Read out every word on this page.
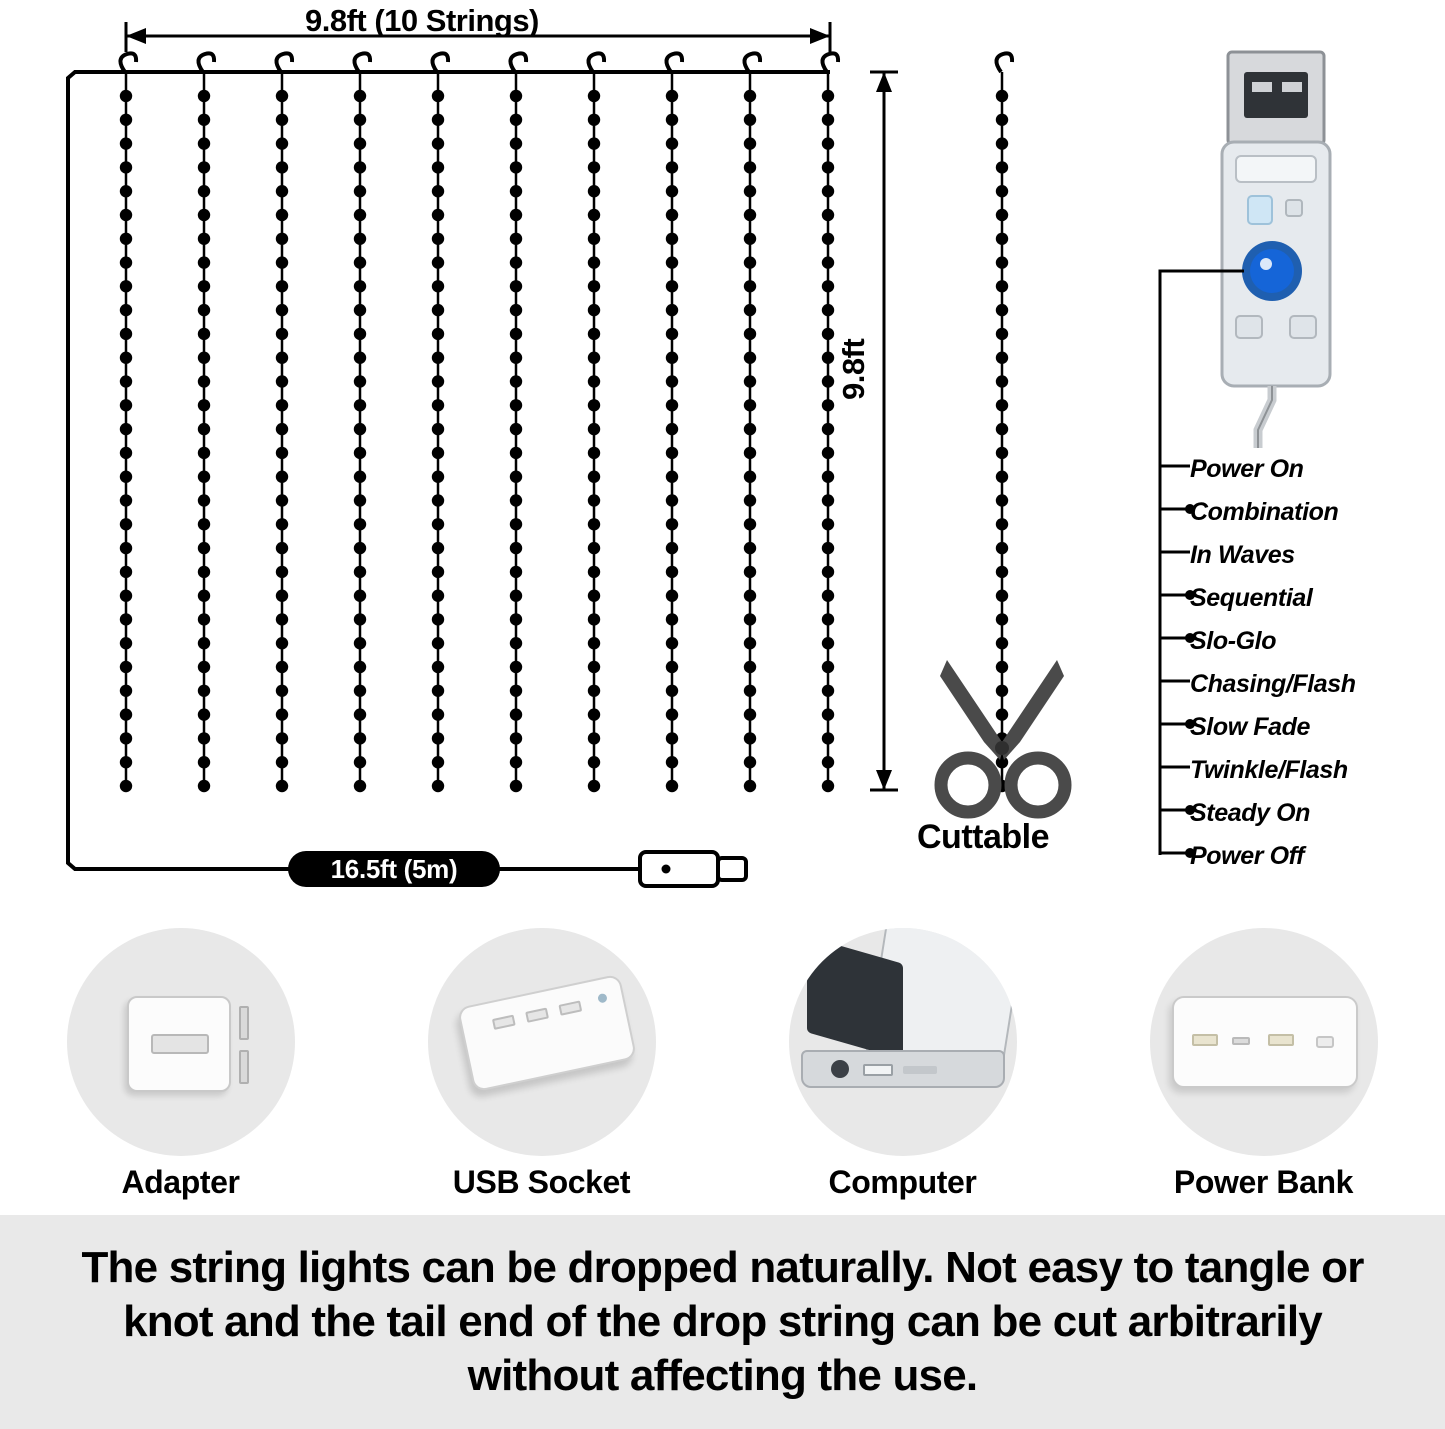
9.8ft (10 Strings)
9.8ft
Cuttable
16.5ft (5m)
Power On
Combination
In Waves
Sequential
Slo-Glo
Chasing/Flash
Slow Fade
Twinkle/Flash
Steady On
Power Off
Adapter	USB Socket	Computer	Power Bank

The string lights can be dropped naturally. Not easy to tangle or knot and the tail end of the drop string can be cut arbitrarily without affecting the use.
